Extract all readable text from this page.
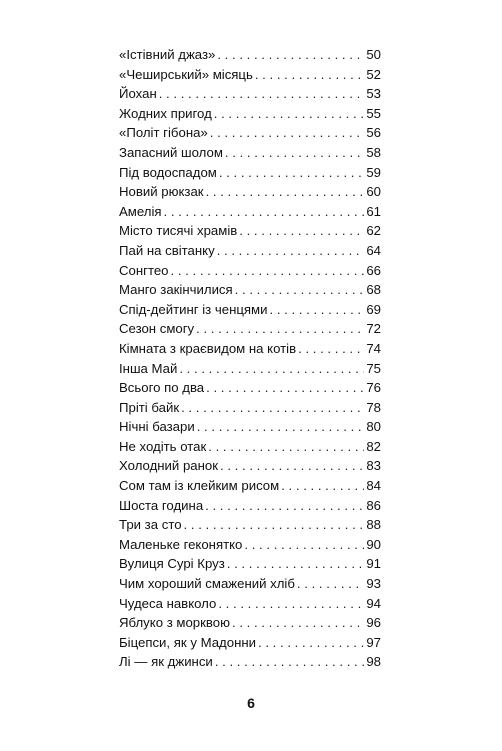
«Істівний джаз» . . .	50
«Чеширський» місяць . . .	52
Йохан . . .	53
Жодних пригод . . .	55
«Політ гібона» . . .	56
Запасний шолом . . .	58
Під водоспадом . . .	59
Новий рюкзак . . .	60
Амелія . . .	61
Місто тисячі храмів . . .	62
Пай на світанку . . .	64
Сонгтео . . .	66
Манго закінчилися . . .	68
Спід-дейтинг із ченцями . . .	69
Сезон смогу . . .	72
Кімната з краєвидом на котів . . .	74
Інша Май . . .	75
Всього по два . . .	76
Пріті байк . . .	78
Нічні базари . . .	80
Не ходіть отак . . .	82
Холодний ранок . . .	83
Сом там із клейким рисом . . .	84
Шоста година . . .	86
Три за сто . . .	88
Маленьке геконятко . . .	90
Вулиця Сурі Круз . . .	91
Чим хороший смажений хліб . . .	93
Чудеса навколо . . .	94
Яблуко з морквою . . .	96
Біцепси, як у Мадонни . . .	97
Лі — як джинси . . .	98
6
